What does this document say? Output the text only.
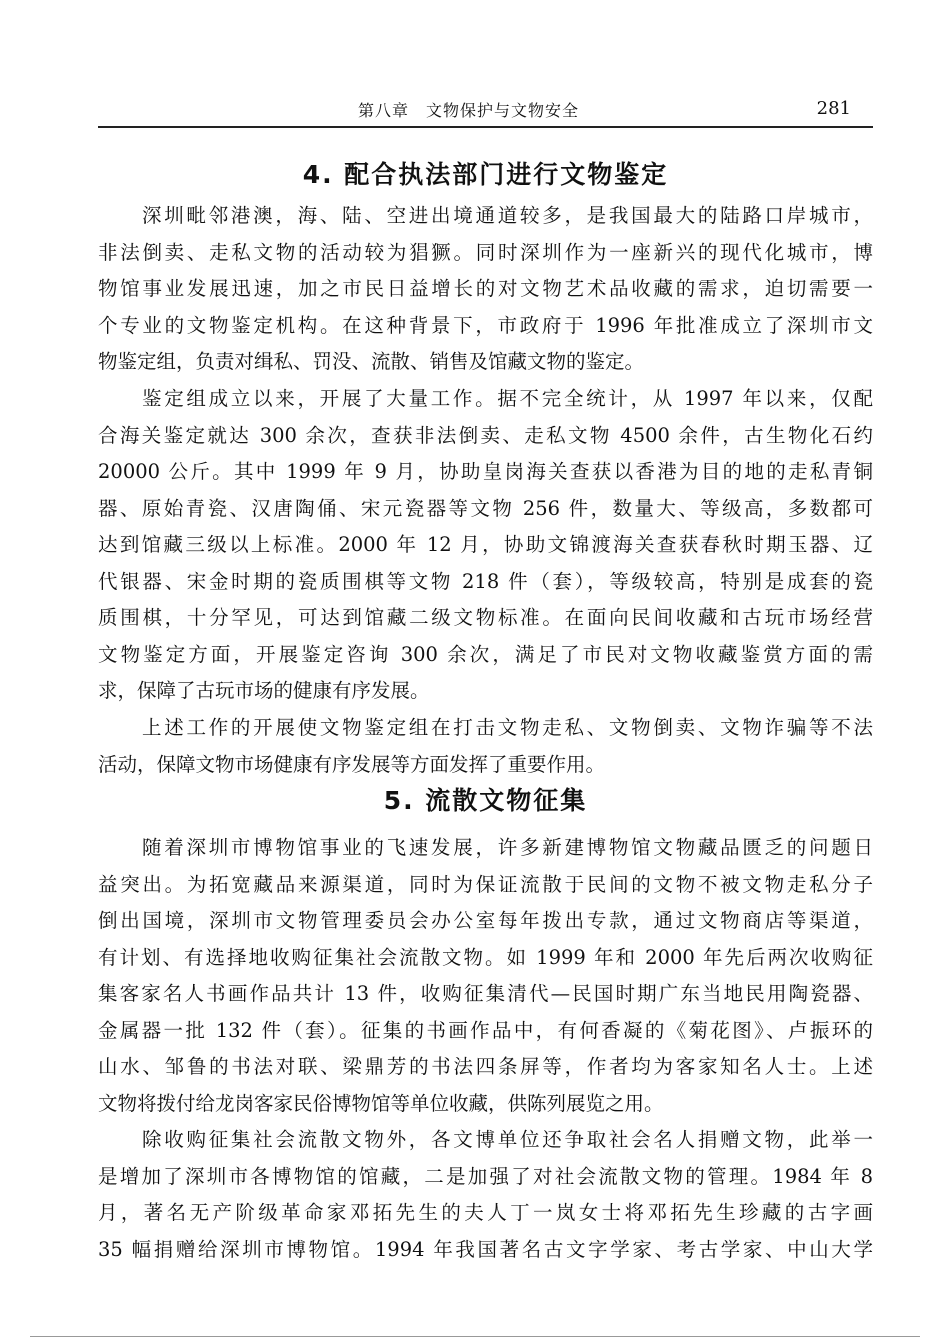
第八章　文物保护与文物安全	281
4. 配合执法部门进行文物鉴定
深圳毗邻港澳，海、陆、空进出境通道较多，是我国最大的陆路口岸城市，
非法倒卖、走私文物的活动较为猖獗。同时深圳作为一座新兴的现代化城市，博
物馆事业发展迅速，加之市民日益增长的对文物艺术品收藏的需求，迫切需要一
个专业的文物鉴定机构。在这种背景下，市政府于 1996 年批准成立了深圳市文
物鉴定组，负责对缉私、罚没、流散、销售及馆藏文物的鉴定。
鉴定组成立以来，开展了大量工作。据不完全统计，从 1997 年以来，仅配
合海关鉴定就达 300 余次，查获非法倒卖、走私文物 4500 余件，古生物化石约
20000 公斤。其中 1999 年 9 月，协助皇岗海关查获以香港为目的地的走私青铜
器、原始青瓷、汉唐陶俑、宋元瓷器等文物 256 件，数量大、等级高，多数都可
达到馆藏三级以上标准。2000 年 12 月，协助文锦渡海关查获春秋时期玉器、辽
代银器、宋金时期的瓷质围棋等文物 218 件（套），等级较高，特别是成套的瓷
质围棋，十分罕见，可达到馆藏二级文物标准。在面向民间收藏和古玩市场经营
文物鉴定方面，开展鉴定咨询 300 余次，满足了市民对文物收藏鉴赏方面的需
求，保障了古玩市场的健康有序发展。
上述工作的开展使文物鉴定组在打击文物走私、文物倒卖、文物诈骗等不法
活动，保障文物市场健康有序发展等方面发挥了重要作用。
5. 流散文物征集
随着深圳市博物馆事业的飞速发展，许多新建博物馆文物藏品匮乏的问题日
益突出。为拓宽藏品来源渠道，同时为保证流散于民间的文物不被文物走私分子
倒出国境，深圳市文物管理委员会办公室每年拨出专款，通过文物商店等渠道，
有计划、有选择地收购征集社会流散文物。如 1999 年和 2000 年先后两次收购征
集客家名人书画作品共计 13 件，收购征集清代—民国时期广东当地民用陶瓷器、
金属器一批 132 件（套）。征集的书画作品中，有何香凝的《菊花图》、卢振环的
山水、邹鲁的书法对联、梁鼎芳的书法四条屏等，作者均为客家知名人士。上述
文物将拨付给龙岗客家民俗博物馆等单位收藏，供陈列展览之用。
除收购征集社会流散文物外，各文博单位还争取社会名人捐赠文物，此举一
是增加了深圳市各博物馆的馆藏，二是加强了对社会流散文物的管理。1984 年 8
月，著名无产阶级革命家邓拓先生的夫人丁一岚女士将邓拓先生珍藏的古字画
35 幅捐赠给深圳市博物馆。1994 年我国著名古文字学家、考古学家、中山大学
